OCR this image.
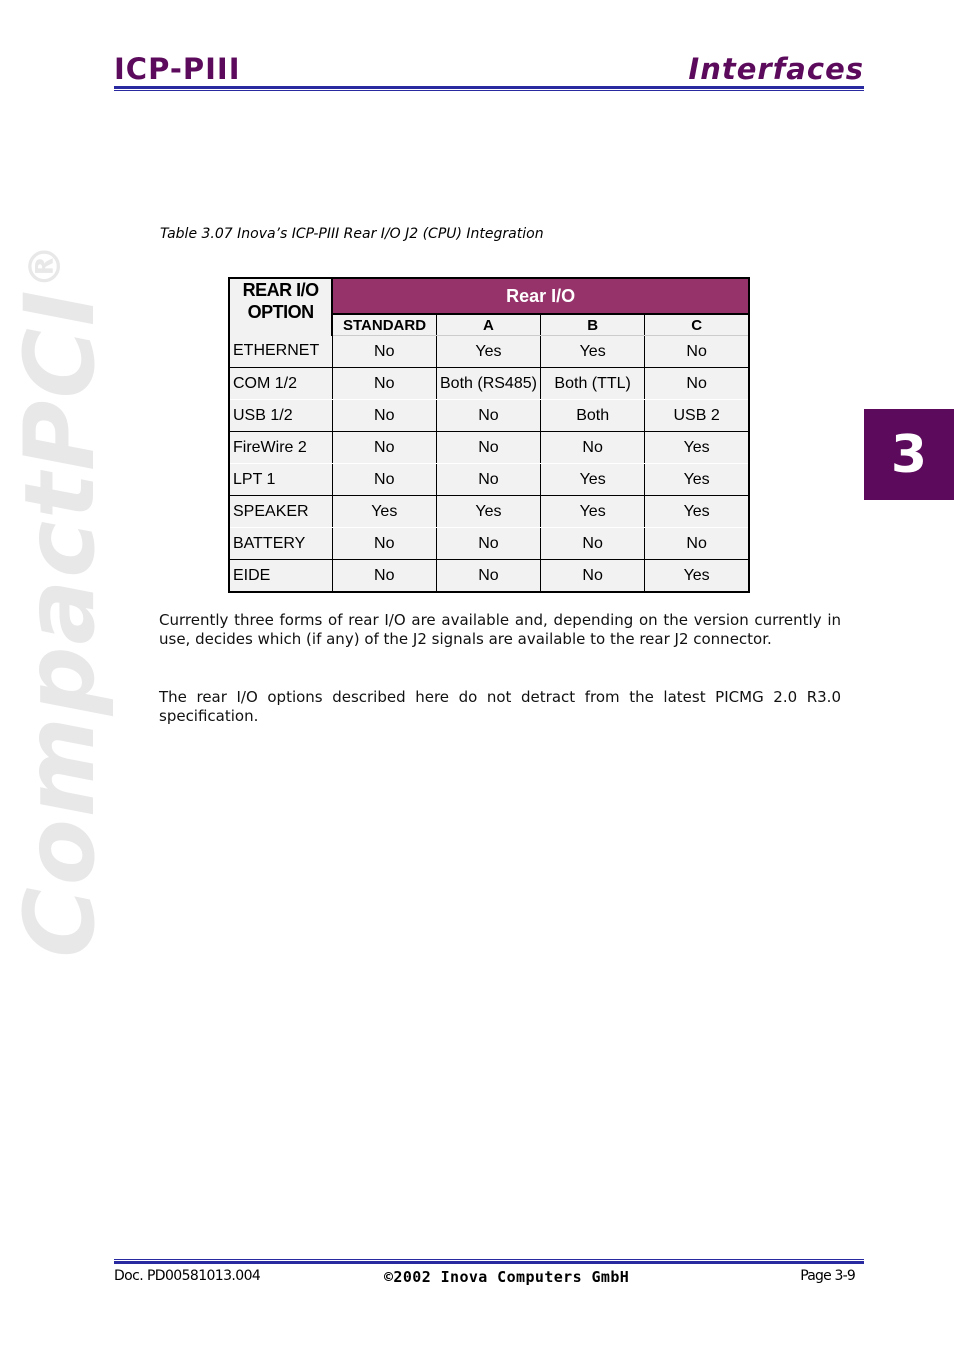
ICP-PIII	Interfaces
CompactPCI®
3
Table 3.07 Inova’s ICP-PIII Rear I/O J2 (CPU) Integration
REAR I/O
OPTION	Rear I/O			
	STANDARD	A	B	C
ETHERNET	No	Yes	Yes	No
COM 1/2	No	Both (RS485)	Both (TTL)	No
USB 1/2	No	No	Both	USB 2
FireWire 2	No	No	No	Yes
LPT 1	No	No	Yes	Yes
SPEAKER	Yes	Yes	Yes	Yes
BATTERY	No	No	No	No
EIDE	No	No	No	Yes
Currently three forms of rear I/O are available and, depending on the version currently in use, decides which (if any) of the J2 signals are available to the rear J2 connector.
The rear I/O options described here do not detract from the latest PICMG 2.0 R3.0 specification.
Doc. PD00581013.004	©2002 Inova Computers GmbH	Page 3-9
